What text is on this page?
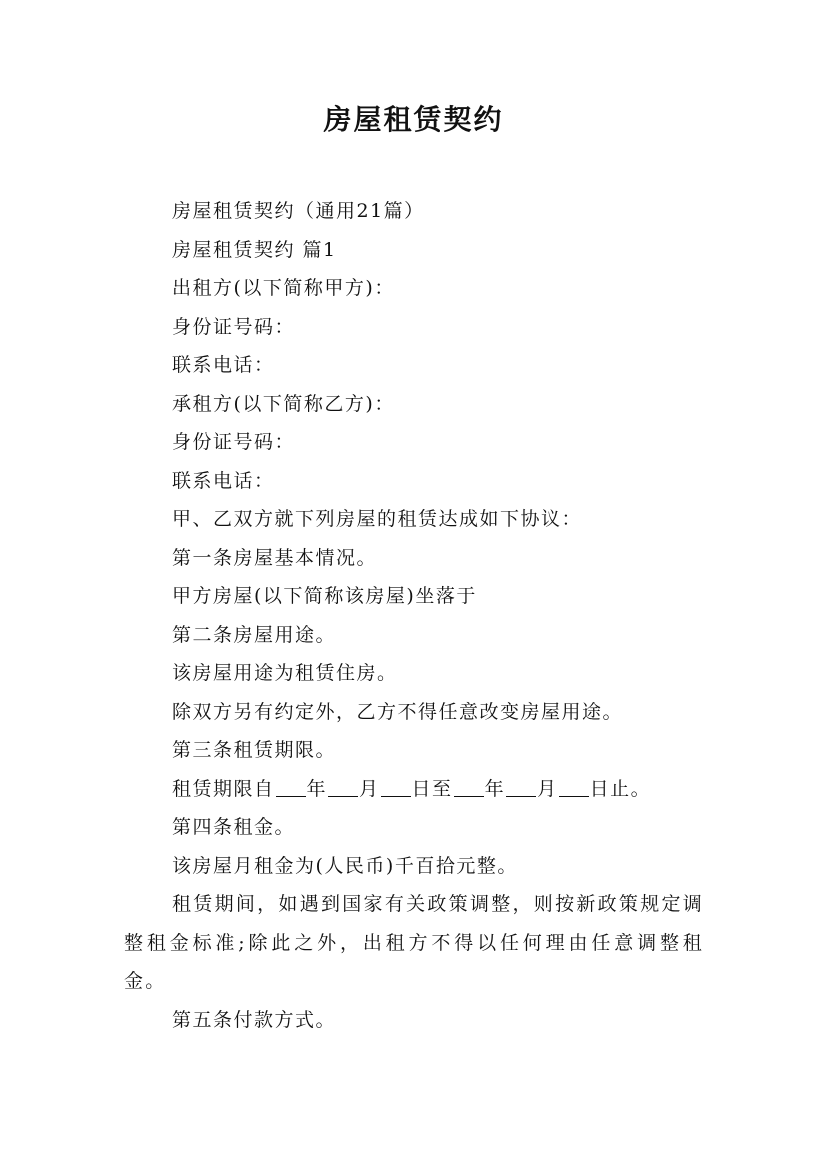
房屋租赁契约
房屋租赁契约（通用21篇）
房屋租赁契约 篇1
出租方(以下简称甲方)：
身份证号码：
联系电话：
承租方(以下简称乙方)：
身份证号码：
联系电话：
甲、乙双方就下列房屋的租赁达成如下协议：
第一条房屋基本情况。
甲方房屋(以下简称该房屋)坐落于
第二条房屋用途。
该房屋用途为租赁住房。
除双方另有约定外，乙方不得任意改变房屋用途。
第三条租赁期限。
租赁期限自 年 月 日至 年 月 日止。
第四条租金。
该房屋月租金为(人民币)千百拾元整。

租赁期间，如遇到国家有关政策调整，则按新政策规定调整租金标准;除此之外，出租方不得以任何理由任意调整租金。

第五条付款方式。
